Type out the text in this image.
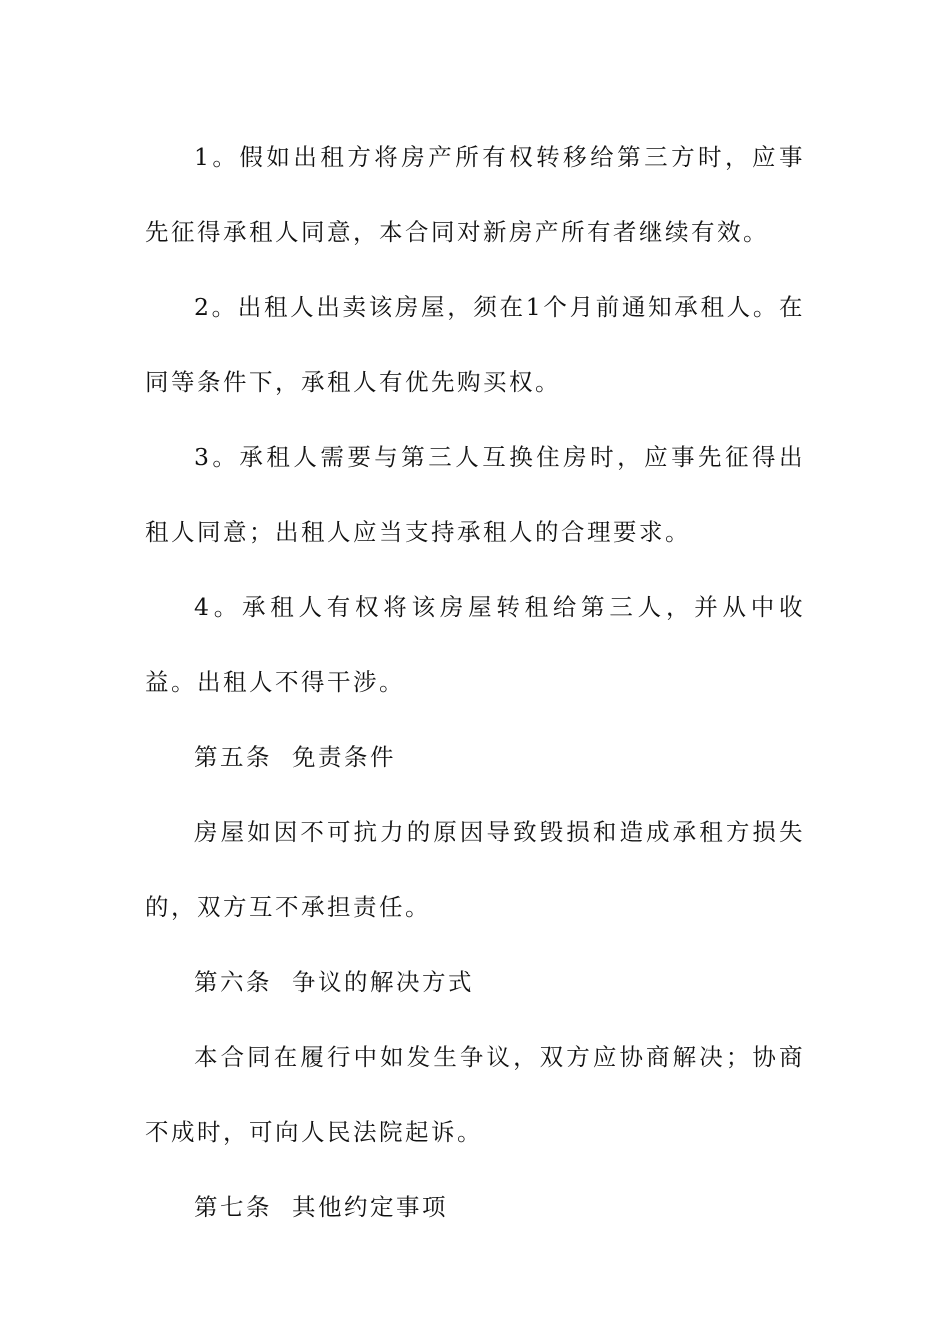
1。假如出租方将房产所有权转移给第三方时，应事先征得承租人同意，本合同对新房产所有者继续有效。

2。出租人出卖该房屋，须在1个月前通知承租人。在同等条件下，承租人有优先购买权。

3。承租人需要与第三人互换住房时，应事先征得出租人同意；出租人应当支持承租人的合理要求。

4。承租人有权将该房屋转租给第三人，并从中收益。出租人不得干涉。

第五条  免责条件

房屋如因不可抗力的原因导致毁损和造成承租方损失的，双方互不承担责任。

第六条  争议的解决方式

本合同在履行中如发生争议，双方应协商解决；协商不成时，可向人民法院起诉。

第七条  其他约定事项
